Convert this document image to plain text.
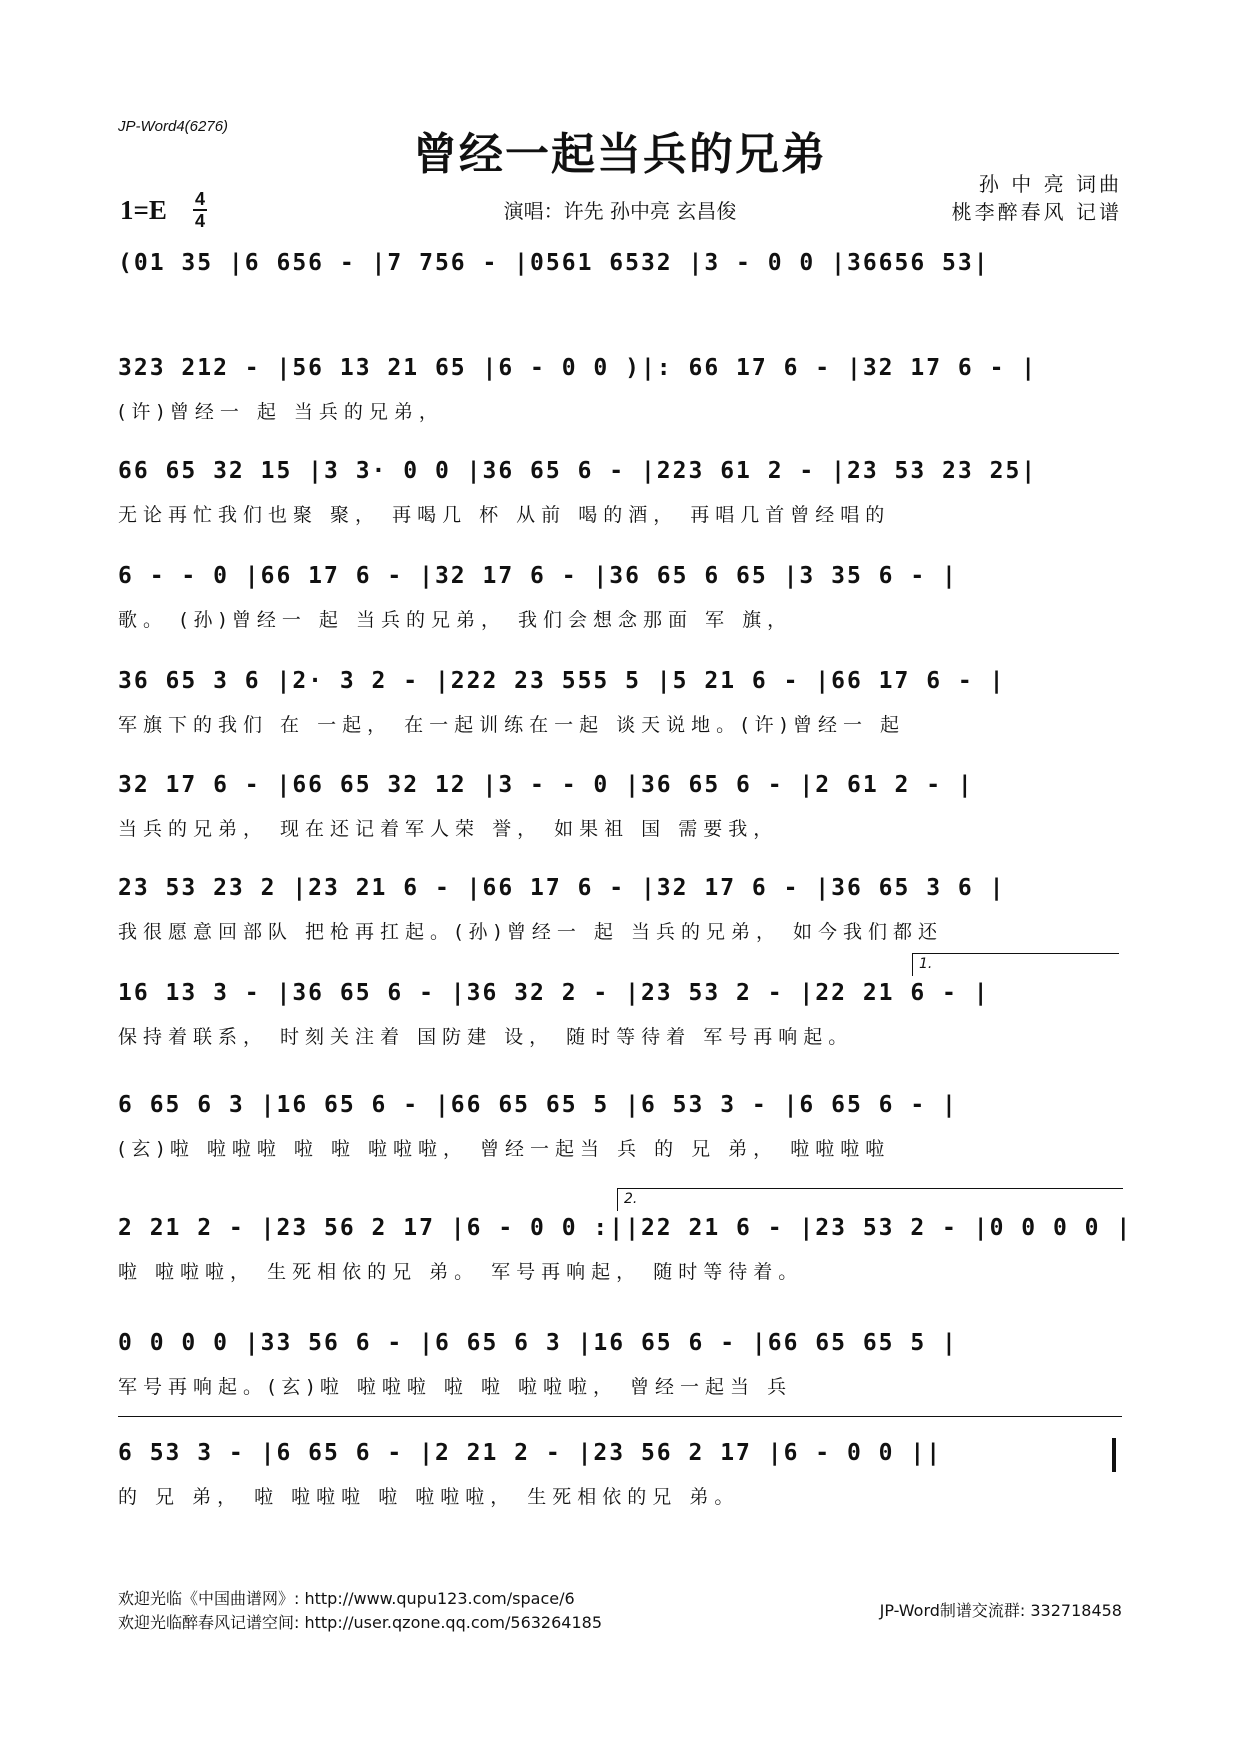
JP-Word4(6276)
曾经一起当兵的兄弟
1=E 4
4	演唱：许先 孙中亮 玄昌俊
孙 中 亮 词曲
桃李醉春风 记谱
(01 35 |6 656 - |7 756 - |0561 6532 |3 - 0 0 |36656 53|
323 212 - |56 13 21 65 |6 - 0 0 )|: 66 17 6 - |32 17 6 - |
(许)曾经一 起 当兵的兄弟，
66 65 32 15 |3 3· 0 0 |36 65 6 - |223 61 2 - |23 53 23 25|
无论再忙我们也聚 聚， 再喝几 杯 从前 喝的酒， 再唱几首曾经唱的
6 - - 0 |66 17 6 - |32 17 6 - |36 65 6 65 |3 35 6 - |
歌。 (孙)曾经一 起 当兵的兄弟， 我们会想念那面 军 旗，
36 65 3 6 |2· 3 2 - |222 23 555 5 |5 21 6 - |66 17 6 - |
军旗下的我们 在 一起， 在一起训练在一起 谈天说地。(许)曾经一 起
32 17 6 - |66 65 32 12 |3 - - 0 |36 65 6 - |2 61 2 - |
当兵的兄弟， 现在还记着军人荣 誉， 如果祖 国 需要我，
23 53 23 2 |23 21 6 - |66 17 6 - |32 17 6 - |36 65 3 6 |
我很愿意回部队 把枪再扛起。(孙)曾经一 起 当兵的兄弟， 如今我们都还
16 13 3 - |36 65 6 - |36 32 2 - |23 53 2 - |22 21 6 - |
保持着联系， 时刻关注着 国防建 设， 随时等待着 军号再响起。
6 65 6 3 |16 65 6 - |66 65 65 5 |6 53 3 - |6 65 6 - |
(玄)啦 啦啦啦 啦 啦 啦啦啦， 曾经一起当 兵 的 兄 弟， 啦啦啦啦
2 21 2 - |23 56 2 17 |6 - 0 0 :||22 21 6 - |23 53 2 - |0 0 0 0 |
啦 啦啦啦， 生死相依的兄 弟。 军号再响起， 随时等待着。
0 0 0 0 |33 56 6 - |6 65 6 3 |16 65 6 - |66 65 65 5 |
军号再响起。(玄)啦 啦啦啦 啦 啦 啦啦啦， 曾经一起当 兵
6 53 3 - |6 65 6 - |2 21 2 - |23 56 2 17 |6 - 0 0 ||
的 兄 弟， 啦 啦啦啦 啦 啦啦啦， 生死相依的兄 弟。
1.
2.
欢迎光临《中国曲谱网》: http://www.qupu123.com/space/6
欢迎光临醉春风记谱空间: http://user.qzone.qq.com/563264185
JP-Word制谱交流群: 332718458
